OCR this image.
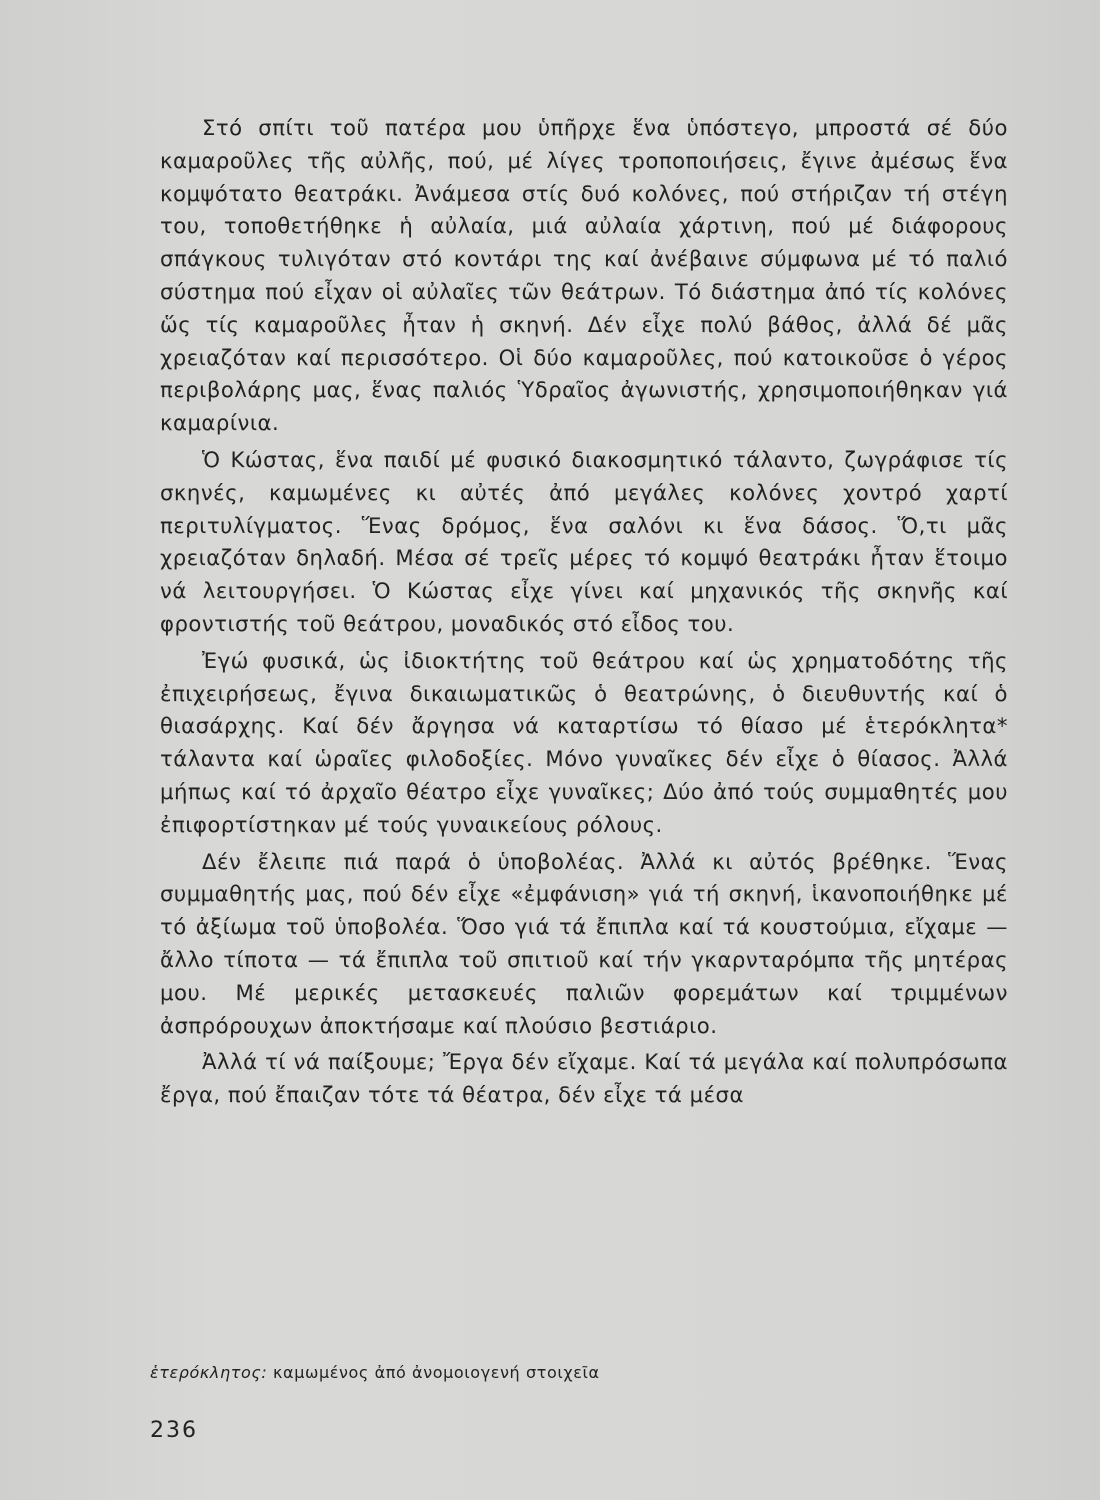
Στό σπίτι τοῦ πατέρα μου ὑπῆρχε ἕνα ὑπόστεγο, μπροστά σέ δύο καμαροῦλες τῆς αὐλῆς, πού, μέ λίγες τροποποιήσεις, ἔγινε ἀμέσως ἕνα κομψότατο θεατράκι. Ἀνάμεσα στίς δυό κολόνες, πού στήριζαν τή στέγη του, τοποθετήθηκε ἡ αὐλαία, μιά αὐλαία χάρτινη, πού μέ διάφορους σπάγκους τυλιγόταν στό κοντάρι της καί ἀνέβαινε σύμφωνα μέ τό παλιό σύστημα πού εἶχαν οἱ αὐλαῖες τῶν θεάτρων. Τό διάστημα ἀπό τίς κολόνες ὥς τίς καμαροῦλες ἦταν ἡ σκηνή. Δέν εἶχε πολύ βάθος, ἀλλά δέ μᾶς χρειαζόταν καί περισσότερο. Οἱ δύο καμαροῦλες, πού κατοικοῦσε ὁ γέρος περιβολάρης μας, ἕνας παλιός Ὑδραῖος ἀγωνιστής, χρησιμοποιήθηκαν γιά καμαρίνια.

Ὁ Κώστας, ἕνα παιδί μέ φυσικό διακοσμητικό τάλαντο, ζωγράφισε τίς σκηνές, καμωμένες κι αὐτές ἀπό μεγάλες κολόνες χοντρό χαρτί περιτυλίγματος. Ἕνας δρόμος, ἕνα σαλόνι κι ἕνα δάσος. Ὅ,τι μᾶς χρειαζόταν δηλαδή. Μέσα σέ τρεῖς μέρες τό κομψό θεατράκι ἦταν ἕτοιμο νά λειτουργήσει. Ὁ Κώστας εἶχε γίνει καί μηχανικός τῆς σκηνῆς καί φροντιστής τοῦ θεάτρου, μοναδικός στό εἶδος του.

Ἐγώ φυσικά, ὡς ἰδιοκτήτης τοῦ θεάτρου καί ὡς χρηματοδότης τῆς ἐπιχειρήσεως, ἔγινα δικαιωματικῶς ὁ θεατρώνης, ὁ διευθυντής καί ὁ θιασάρχης. Καί δέν ἄργησα νά καταρτίσω τό θίασο μέ ἑτερόκλητα* τάλαντα καί ὡραῖες φιλοδοξίες. Μόνο γυναῖκες δέν εἶχε ὁ θίασος. Ἀλλά μήπως καί τό ἀρχαῖο θέατρο εἶχε γυναῖκες; Δύο ἀπό τούς συμμαθητές μου ἐπιφορτίστηκαν μέ τούς γυναικείους ρόλους.

Δέν ἔλειπε πιά παρά ὁ ὑποβολέας. Ἀλλά κι αὐτός βρέθηκε. Ἕνας συμμαθητής μας, πού δέν εἶχε «ἐμφάνιση» γιά τή σκηνή, ἱκανοποιήθηκε μέ τό ἀξίωμα τοῦ ὑποβολέα. Ὅσο γιά τά ἔπιπλα καί τά κουστούμια, εἴχαμε — ἄλλο τίποτα — τά ἔπιπλα τοῦ σπιτιοῦ καί τήν γκαρνταρόμπα τῆς μητέρας μου. Μέ μερικές μετασκευές παλιῶν φορεμάτων καί τριμμένων ἀσπρόρουχων ἀποκτήσαμε καί πλούσιο βεστιάριο.

Ἀλλά τί νά παίξουμε; Ἔργα δέν εἴχαμε. Καί τά μεγάλα καί πολυπρόσωπα ἔργα, πού ἔπαιζαν τότε τά θέατρα, δέν εἶχε τά μέσα

ἑτερόκλητος: καμωμένος ἀπό ἀνομοιογενή στοιχεῖα
236
